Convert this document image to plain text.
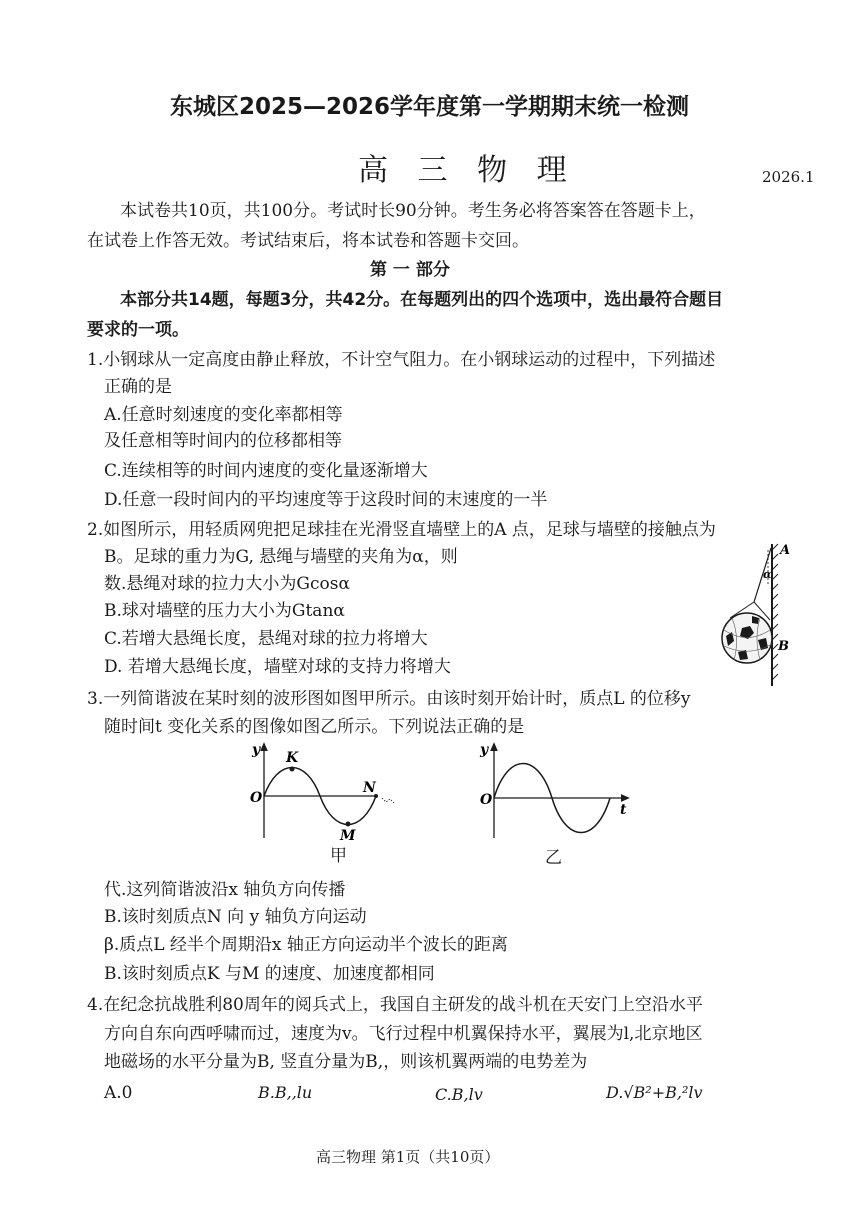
东城区2025—2026学年度第一学期期末统一检测
高 三 物 理	2026.1
本试卷共10页，共100分。考试时长90分钟。考生务必将答案答在答题卡上，
在试卷上作答无效。考试结束后，将本试卷和答题卡交回。
第 一 部分
本部分共14题，每题3分，共42分。在每题列出的四个选项中，选出最符合题目
要求的一项。
1.小钢球从一定高度由静止释放，不计空气阻力。在小钢球运动的过程中，下列描述
正确的是
A.任意时刻速度的变化率都相等
及任意相等时间内的位移都相等
C.连续相等的时间内速度的变化量逐渐增大
D.任意一段时间内的平均速度等于这段时间的末速度的一半
2.如图所示，用轻质网兜把足球挂在光滑竖直墙壁上的A 点，足球与墙壁的接触点为
B。足球的重力为G, 悬绳与墙壁的夹角为α，则
数.悬绳对球的拉力大小为Gcosα
B.球对墙壁的压力大小为Gtanα
C.若增大悬绳长度，悬绳对球的拉力将增大
D. 若增大悬绳长度，墙壁对球的支持力将增大
A
α
B
3.一列简谐波在某时刻的波形图如图甲所示。由该时刻开始计时，质点L 的位移y
随时间t 变化关系的图像如图乙所示。下列说法正确的是
y
O
K
N
M
甲
y
O
t
乙
代.这列简谐波沿x 轴负方向传播
B.该时刻质点N 向 y 轴负方向运动
β.质点L 经半个周期沿x 轴正方向运动半个波长的距离
B.该时刻质点K 与M 的速度、加速度都相同
4.在纪念抗战胜利80周年的阅兵式上，我国自主研发的战斗机在天安门上空沿水平
方向自东向西呼啸而过，速度为v。飞行过程中机翼保持水平，翼展为l,北京地区
地磁场的水平分量为B, 竖直分量为B,，则该机翼两端的电势差为
A.0	B.B,,lu	C.B,lv	D.√B²+B,²lv
高三物理 第1页（共10页）
